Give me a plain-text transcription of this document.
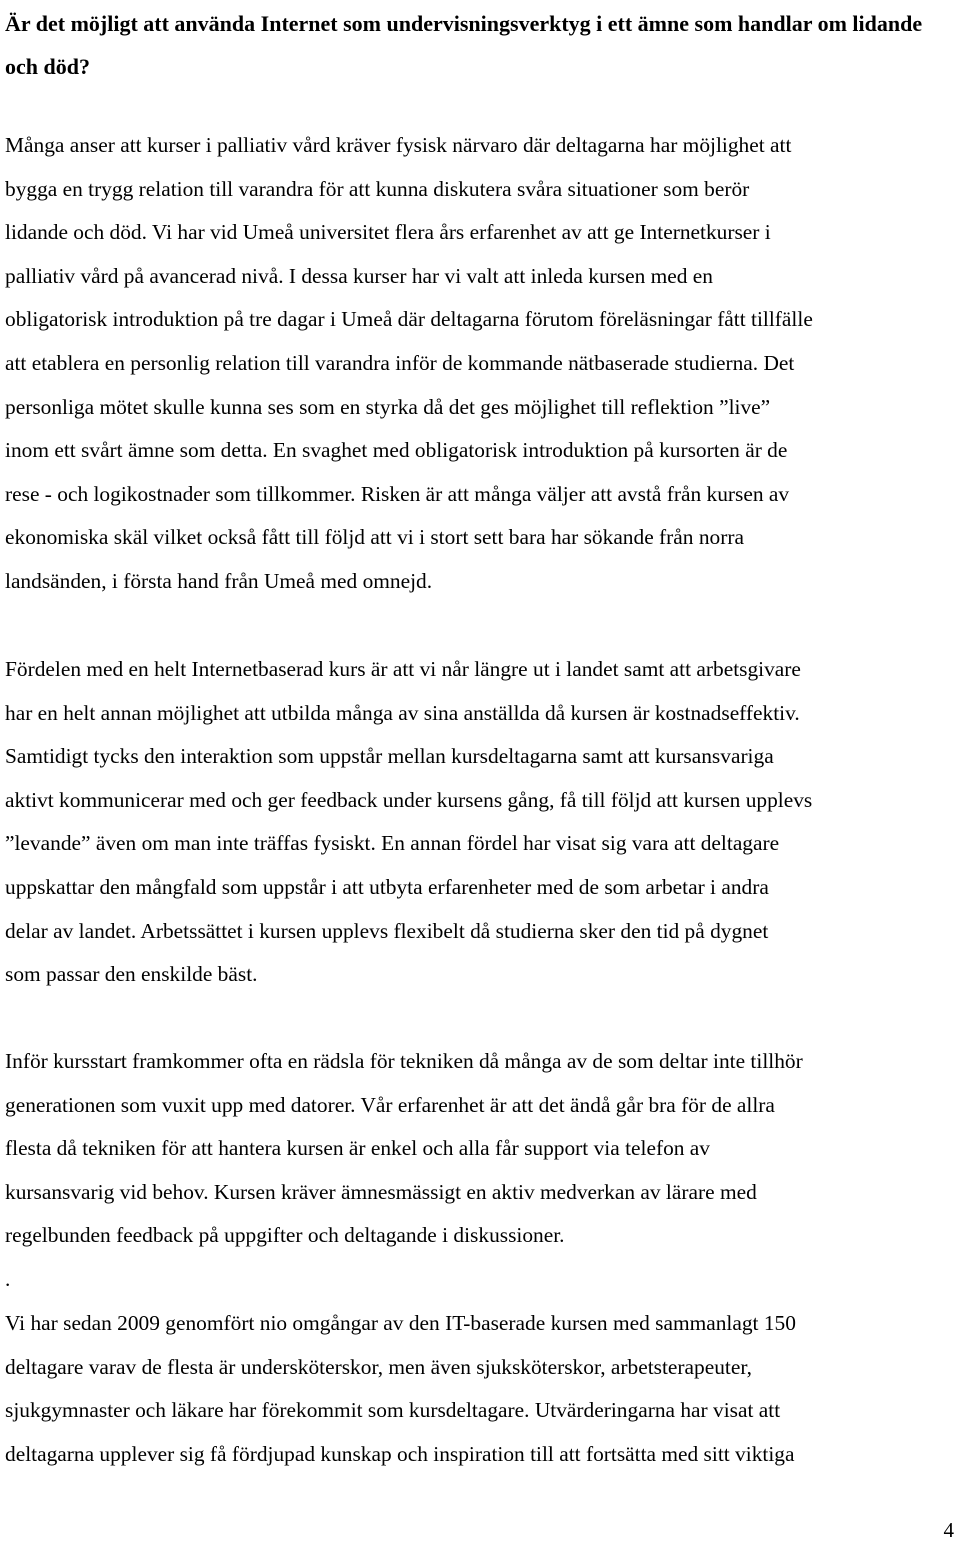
Är det möjligt att använda Internet som undervisningsverktyg i ett ämne som handlar om lidande och död?

Många anser att kurser i palliativ vård kräver fysisk närvaro där deltagarna har möjlighet att
bygga en trygg relation till varandra för att kunna diskutera svåra situationer som berör
lidande och död. Vi har vid Umeå universitet flera års erfarenhet av att ge Internetkurser i
palliativ vård på avancerad nivå. I dessa kurser har vi valt att inleda kursen med en
obligatorisk introduktion på tre dagar i Umeå där deltagarna förutom föreläsningar fått tillfälle
att etablera en personlig relation till varandra inför de kommande nätbaserade studierna. Det
personliga mötet skulle kunna ses som en styrka då det ges möjlighet till reflektion ”live”
inom ett svårt ämne som detta. En svaghet med obligatorisk introduktion på kursorten är de
rese - och logikostnader som tillkommer. Risken är att många väljer att avstå från kursen av
ekonomiska skäl vilket också fått till följd att vi i stort sett bara har sökande från norra
landsänden, i första hand från Umeå med omnejd.

Fördelen med en helt Internetbaserad kurs är att vi når längre ut i landet samt att arbetsgivare
har en helt annan möjlighet att utbilda många av sina anställda då kursen är kostnadseffektiv.
Samtidigt tycks den interaktion som uppstår mellan kursdeltagarna samt att kursansvariga
aktivt kommunicerar med och ger feedback under kursens gång, få till följd att kursen upplevs
”levande” även om man inte träffas fysiskt. En annan fördel har visat sig vara att deltagare
uppskattar den mångfald som uppstår i att utbyta erfarenheter med de som arbetar i andra
delar av landet. Arbetssättet i kursen upplevs flexibelt då studierna sker den tid på dygnet
som passar den enskilde bäst.

Inför kursstart framkommer ofta en rädsla för tekniken då många av de som deltar inte tillhör
generationen som vuxit upp med datorer. Vår erfarenhet är att det ändå går bra för de allra
flesta då tekniken för att hantera kursen är enkel och alla får support via telefon av
kursansvarig vid behov. Kursen kräver ämnesmässigt en aktiv medverkan av lärare med
regelbunden feedback på uppgifter och deltagande i diskussioner.

.

Vi har sedan 2009 genomfört nio omgångar av den IT-baserade kursen med sammanlagt 150
deltagare varav de flesta är undersköterskor, men även sjuksköterskor, arbetsterapeuter,
sjukgymnaster och läkare har förekommit som kursdeltagare. Utvärderingarna har visat att
deltagarna upplever sig få fördjupad kunskap och inspiration till att fortsätta med sitt viktiga

4
